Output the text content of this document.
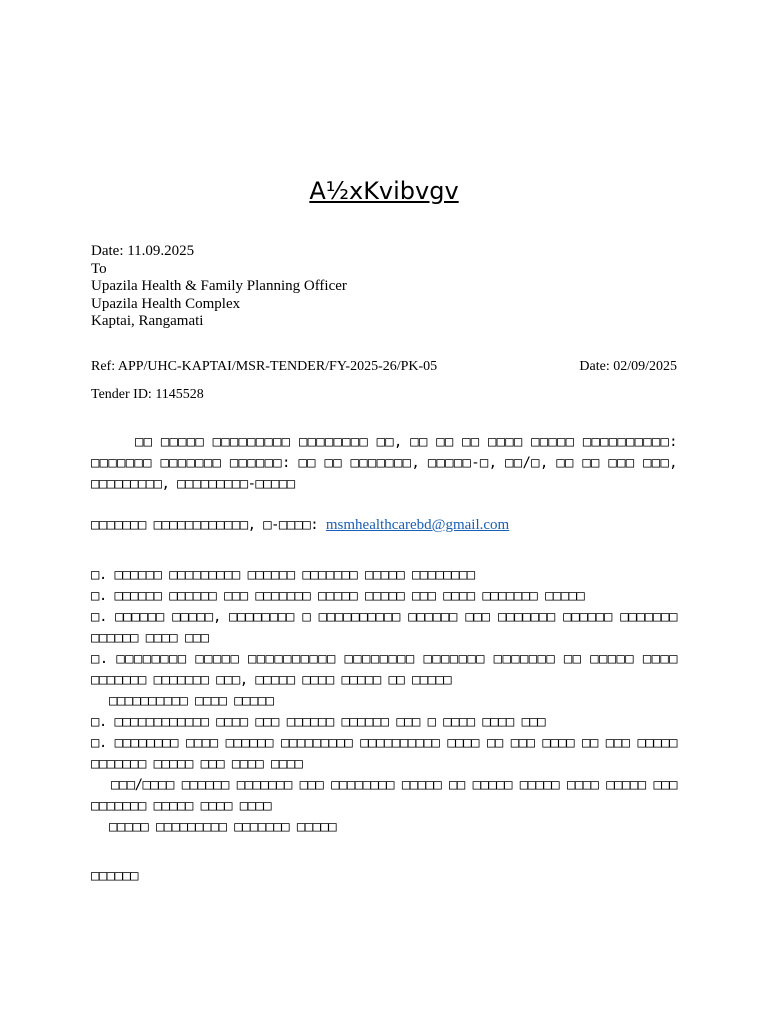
A½xKvibvgv
Date: 11.09.2025
To
Upazila Health & Family Planning Officer
Upazila Health Complex
Kaptai, Rangamati
Ref: APP/UHC-KAPTAI/MSR-TENDER/FY-2025-26/PK-05	Date: 02/09/2025
Tender ID: 1145528
□□ □□□□□ □□□□□□□□□ □□□□□□□□ □□, □□ □□ □□ □□□□ □□□□□ □□□□□□□□□□: □□□□□□□ □□□□□□□ □□□□□□: □□ □□ □□□□□□□, □□□□□-□, □□/□, □□ □□ □□□ □□□, □□□□□□□□□, □□□□□□□□□-□□□□□
□□□□□□□ □□□□□□□□□□□□, □-□□□□: msmhealthcarebd@gmail.com

□. □□□□□□ □□□□□□□□□ □□□□□□ □□□□□□□ □□□□□ □□□□□□□□

□. □□□□□□ □□□□□□ □□□ □□□□□□□ □□□□□ □□□□□ □□□ □□□□ □□□□□□□ □□□□□

□. □□□□□□ □□□□□, □□□□□□□□ □ □□□□□□□□□□ □□□□□□ □□□ □□□□□□□ □□□□□□ □□□□□□□ □□□□□□ □□□□ □□□

□. □□□□□□□□ □□□□□ □□□□□□□□□□ □□□□□□□□ □□□□□□□ □□□□□□□ □□ □□□□□ □□□□ □□□□□□□ □□□□□□□ □□□, □□□□□ □□□□ □□□□□ □□ □□□□□

□□□□□□□□□□ □□□□ □□□□□

□. □□□□□□□□□□□□ □□□□ □□□ □□□□□□ □□□□□□ □□□ □ □□□□ □□□□ □□□

□. □□□□□□□□ □□□□ □□□□□□ □□□□□□□□□ □□□□□□□□□□ □□□□ □□ □□□ □□□□ □□ □□□ □□□□□ □□□□□□□ □□□□□ □□□ □□□□ □□□□

□□□/□□□□ □□□□□□ □□□□□□□ □□□ □□□□□□□□ □□□□□ □□ □□□□□ □□□□□ □□□□ □□□□□ □□□ □□□□□□□ □□□□□ □□□□ □□□□

□□□□□ □□□□□□□□□ □□□□□□□ □□□□□

□□□□□□
